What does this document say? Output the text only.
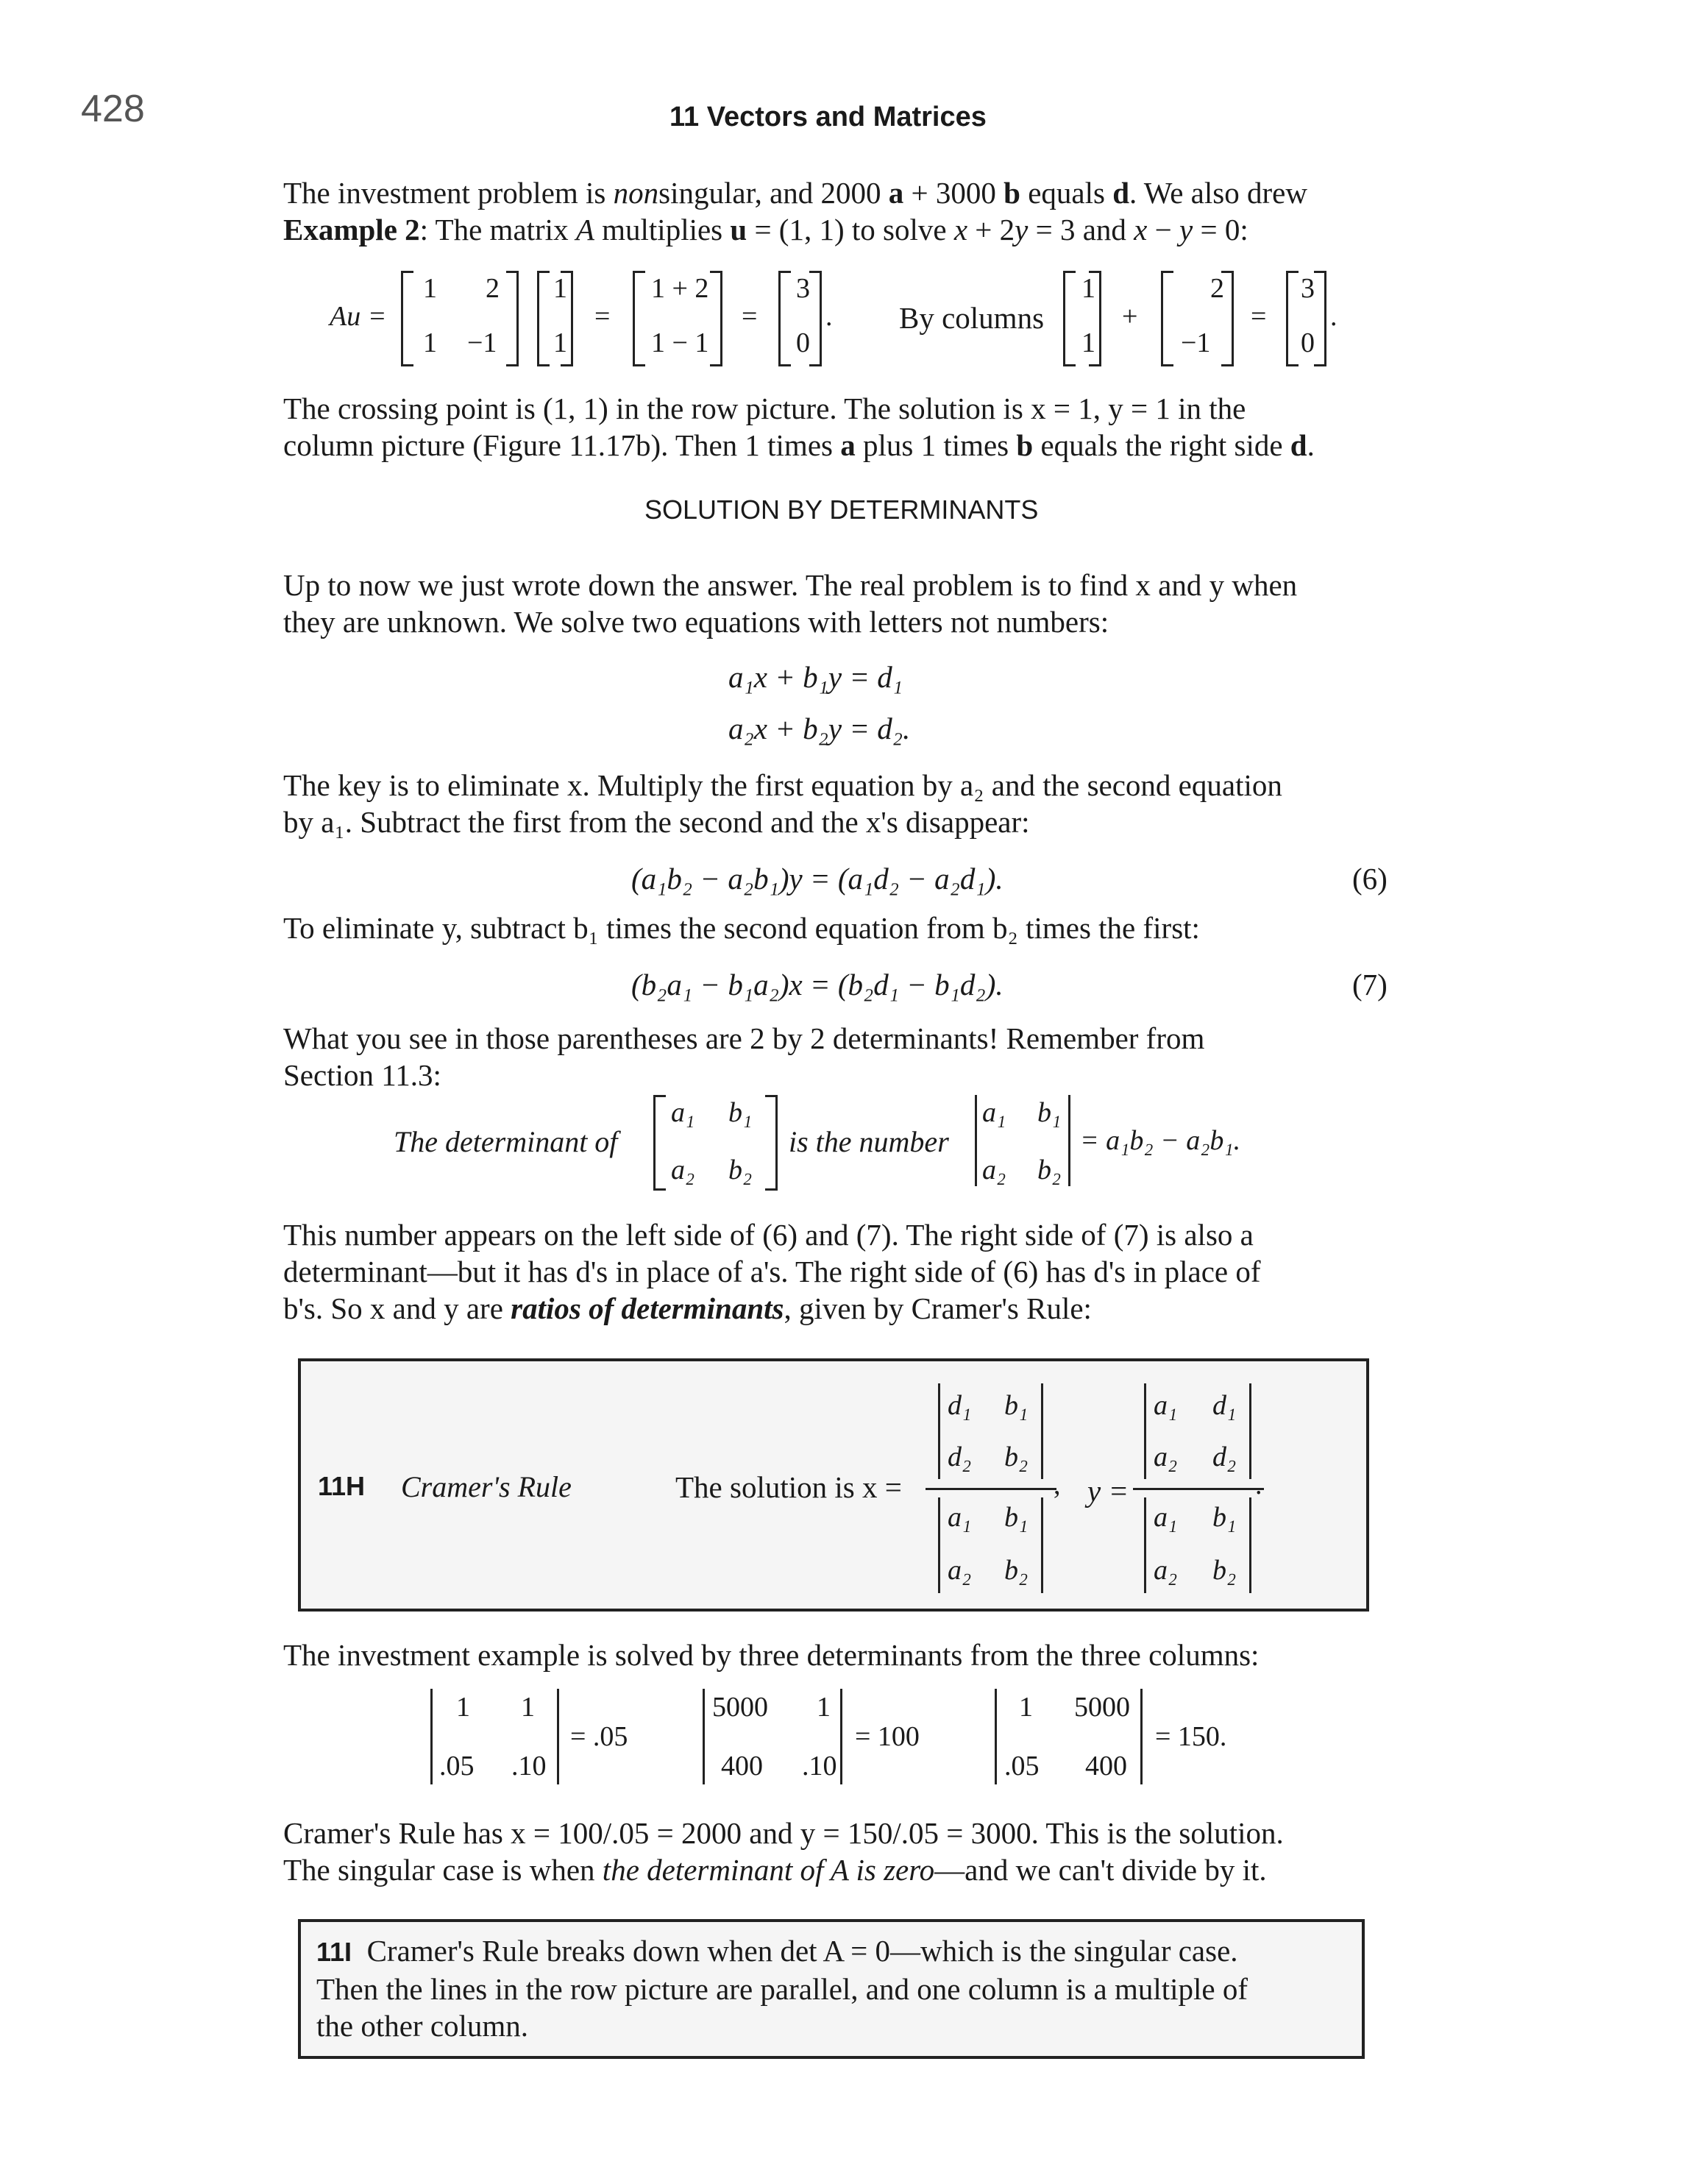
428	11 Vectors and Matrices
The investment problem is nonsingular, and 2000 a + 3000 b equals d. We also drew
Example 2: The matrix A multiplies u = (1, 1) to solve x + 2y = 3 and x − y = 0:
Au =
1 2
1 −1
1
1
=
1 + 2
1 − 1
=
3
0
. By columns
1
1
+
2
−1
=
3
0
.
The crossing point is (1, 1) in the row picture. The solution is x = 1, y = 1 in the
column picture (Figure 11.17b). Then 1 times a plus 1 times b equals the right side d.
SOLUTION BY DETERMINANTS
Up to now we just wrote down the answer. The real problem is to find x and y when
they are unknown. We solve two equations with letters not numbers:
a₁x + b₁y = d₁
a₂x + b₂y = d₂.
The key is to eliminate x. Multiply the first equation by a₂ and the second equation
by a₁. Subtract the first from the second and the x's disappear:
(a₁b₂ − a₂b₁)y = (a₁d₂ − a₂d₁).	(6)
To eliminate y, subtract b₁ times the second equation from b₂ times the first:
(b₂a₁ − b₁a₂)x = (b₂d₁ − b₁d₂).	(7)
What you see in those parentheses are 2 by 2 determinants! Remember from
Section 11.3:
The determinant of
a₁ b₁
a₂ b₂
is the number
a₁ b₁
a₂ b₂
= a₁b₂ − a₂b₁.
This number appears on the left side of (6) and (7). The right side of (7) is also a
determinant—but it has d's in place of a's. The right side of (6) has d's in place of
b's. So x and y are ratios of determinants, given by Cramer's Rule:
11H Cramer's Rule	The solution is x =
d₁ b₁
d₂ b₂
a₁ b₁
a₂ b₂
, y =
a₁ d₁
a₂ d₂
a₁ b₁
a₂ b₂
.
The investment example is solved by three determinants from the three columns:
1 1
.05 .10
= .05
5000 1
400 .10
= 100
1 5000
.05 400
= 150.
Cramer's Rule has x = 100/.05 = 2000 and y = 150/.05 = 3000. This is the solution.
The singular case is when the determinant of A is zero—and we can't divide by it.
11I Cramer's Rule breaks down when det A = 0—which is the singular case.
Then the lines in the row picture are parallel, and one column is a multiple of
the other column.
